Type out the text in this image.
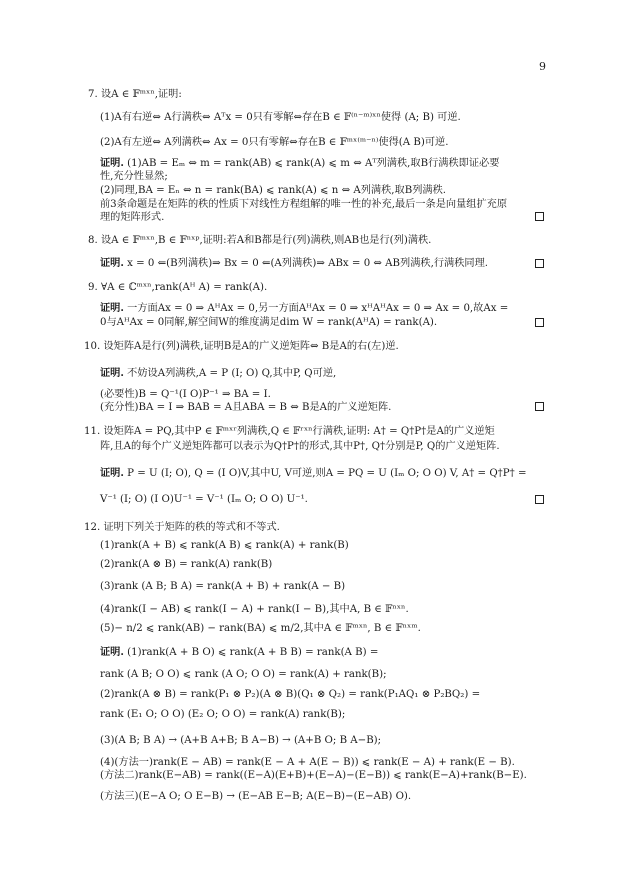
9
7. 设A ∈ 𝔽ᵐˣⁿ,证明:
(1)A有右逆⇔ A行满秩⇔ Aᵀx = 0只有零解⇔存在B ∈ 𝔽⁽ⁿ⁻ᵐ⁾ˣⁿ使得 (A; B) 可逆.
(2)A有左逆⇔ A列满秩⇔ Ax = 0只有零解⇔存在B ∈ 𝔽ᵐˣ⁽ᵐ⁻ⁿ⁾使得(A B)可逆.
证明. (1)AB = Eₘ ⇔ m = rank(AB) ⩽ rank(A) ⩽ m ⇔ Aᵀ列满秩,取B行满秩即证必要
性,充分性显然;
(2)同理,BA = Eₙ ⇔ n = rank(BA) ⩽ rank(A) ⩽ n ⇔ A列满秩,取B列满秩.
前3条命题是在矩阵的秩的性质下对线性方程组解的唯一性的补充,最后一条是向量组扩充原
理的矩阵形式.
8. 设A ∈ 𝔽ᵐˣⁿ,B ∈ 𝔽ⁿˣᵖ,证明:若A和B都是行(列)满秩,则AB也是行(列)满秩.
证明. x = 0 ⇐(B列满秩)⇒ Bx = 0 ⇐(A列满秩)⇒ ABx = 0 ⇔ AB列满秩,行满秩同理.
9. ∀A ∈ ℂᵐˣⁿ,rank(Aᴴ A) = rank(A).
证明. 一方面Ax = 0 ⇒ AᴴAx = 0,另一方面AᴴAx = 0 ⇒ xᴴAᴴAx = 0 ⇒ Ax = 0,故Ax =
0与AᴴAx = 0同解,解空间W的维度满足dim W = rank(AᴴA) = rank(A).
10. 设矩阵A是行(列)满秩,证明B是A的广义逆矩阵⇔ B是A的右(左)逆.
证明. 不妨设A列满秩,A = P (I; O) Q,其中P, Q可逆,
(必要性)B = Q⁻¹(I O)P⁻¹ ⇒ BA = I.
(充分性)BA = I ⇒ BAB = A且ABA = B ⇔ B是A的广义逆矩阵.
11. 设矩阵A = PQ,其中P ∈ 𝔽ᵐˣʳ列满秩,Q ∈ 𝔽ʳˣⁿ行满秩,证明: A† = Q†P†是A的广义逆矩
阵,且A的每个广义逆矩阵都可以表示为Q†P†的形式,其中P†, Q†分别是P, Q的广义逆矩阵.
证明. P = U (I; O), Q = (I O)V,其中U, V可逆,则A = PQ = U (Iₘ O; O O) V, A† = Q†P† =
V⁻¹ (I; O) (I O)U⁻¹ = V⁻¹ (Iₘ O; O O) U⁻¹.
12. 证明下列关于矩阵的秩的等式和不等式.
(1)rank(A + B) ⩽ rank(A B) ⩽ rank(A) + rank(B)
(2)rank(A ⊗ B) = rank(A) rank(B)
(3)rank (A B; B A) = rank(A + B) + rank(A − B)
(4)rank(I − AB) ⩽ rank(I − A) + rank(I − B),其中A, B ∈ 𝔽ⁿˣⁿ.
(5)− n/2 ⩽ rank(AB) − rank(BA) ⩽ m/2,其中A ∈ 𝔽ᵐˣⁿ, B ∈ 𝔽ⁿˣᵐ.
证明. (1)rank(A + B O) ⩽ rank(A + B B) = rank(A B) =
rank (A B; O O) ⩽ rank (A O; O O) = rank(A) + rank(B);
(2)rank(A ⊗ B) = rank(P₁ ⊗ P₂)(A ⊗ B)(Q₁ ⊗ Q₂) = rank(P₁AQ₁ ⊗ P₂BQ₂) =
rank (E₁ O; O O) (E₂ O; O O) = rank(A) rank(B);
(3)(A B; B A) → (A+B A+B; B A−B) → (A+B O; B A−B);
(4)(方法一)rank(E − AB) = rank(E − A + A(E − B)) ⩽ rank(E − A) + rank(E − B).
(方法二)rank(E−AB) = rank((E−A)(E+B)+(E−A)−(E−B)) ⩽ rank(E−A)+rank(B−E).
(方法三)(E−A O; O E−B) → (E−AB E−B; A(E−B)−(E−AB) O).
